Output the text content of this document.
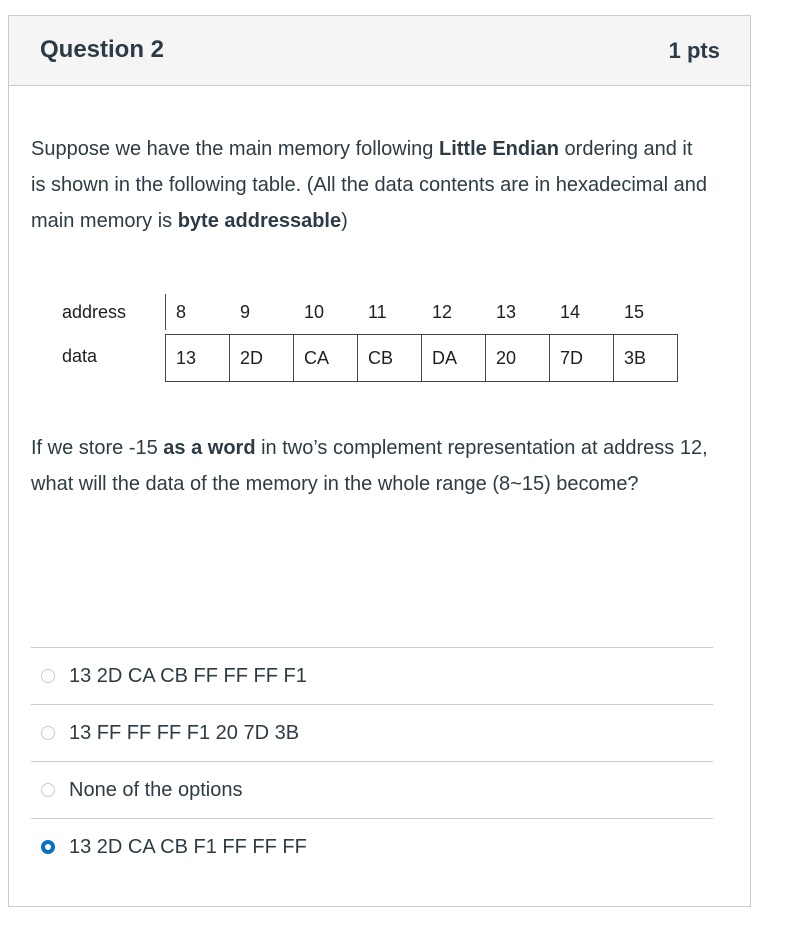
Question 2	1 pts

Suppose we have the main memory following Little Endian ordering and it is shown in the following table. (All the data contents are in hexadecimal and main memory is byte addressable)

address	8	9	10	11	12	13	14	15
data	13	2D	CA	CB	DA	20	7D	3B

If we store -15 as a word in two’s complement representation at address 12, what will the data of the memory in the whole range (8~15) become?

13 2D CA CB FF FF FF F1
13 FF FF FF F1 20 7D 3B
None of the options
13 2D CA CB F1 FF FF FF
